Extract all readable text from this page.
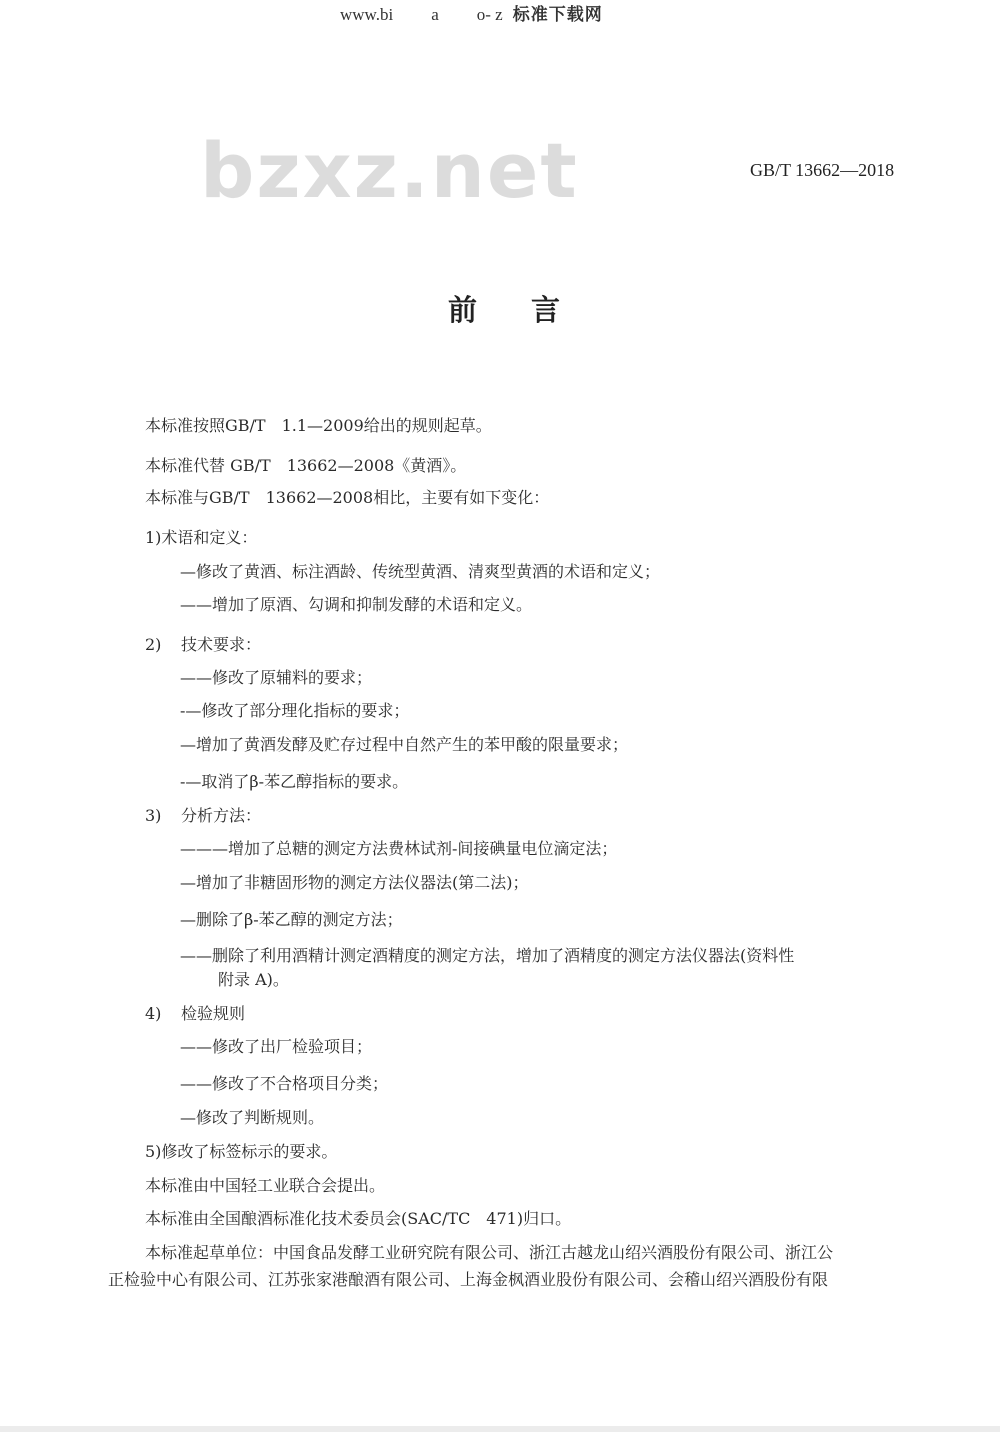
www.bi a o- z 标准下载网
bzxz.net	GB/T 13662—2018
前言
本标准按照GB/T　1.1—2009给出的规则起草。
本标准代替 GB/T　13662—2008《黄酒》。
本标准与GB/T　13662—2008相比，主要有如下变化：
1)术语和定义：
—修改了黄酒、标注酒龄、传统型黄酒、清爽型黄酒的术语和定义；
——增加了原酒、勾调和抑制发酵的术语和定义。
2) 技术要求：
——修改了原辅料的要求；
-—修改了部分理化指标的要求；
—增加了黄酒发酵及贮存过程中自然产生的苯甲酸的限量要求；
-—取消了β-苯乙醇指标的要求。
3) 分析方法：
———增加了总糖的测定方法费林试剂-间接碘量电位滴定法；
—增加了非糖固形物的测定方法仪器法(第二法)；
—删除了β-苯乙醇的测定方法；
——删除了利用酒精计测定酒精度的测定方法，增加了酒精度的测定方法仪器法(资料性
附录 A)。
4) 检验规则
——修改了出厂检验项目；
——修改了不合格项目分类；
—修改了判断规则。
5)修改了标签标示的要求。
本标准由中国轻工业联合会提出。
本标准由全国酿酒标准化技术委员会(SAC/TC　471)归口。
本标准起草单位：中国食品发酵工业研究院有限公司、浙江古越龙山绍兴酒股份有限公司、浙江公
正检验中心有限公司、江苏张家港酿酒有限公司、上海金枫酒业股份有限公司、会稽山绍兴酒股份有限
